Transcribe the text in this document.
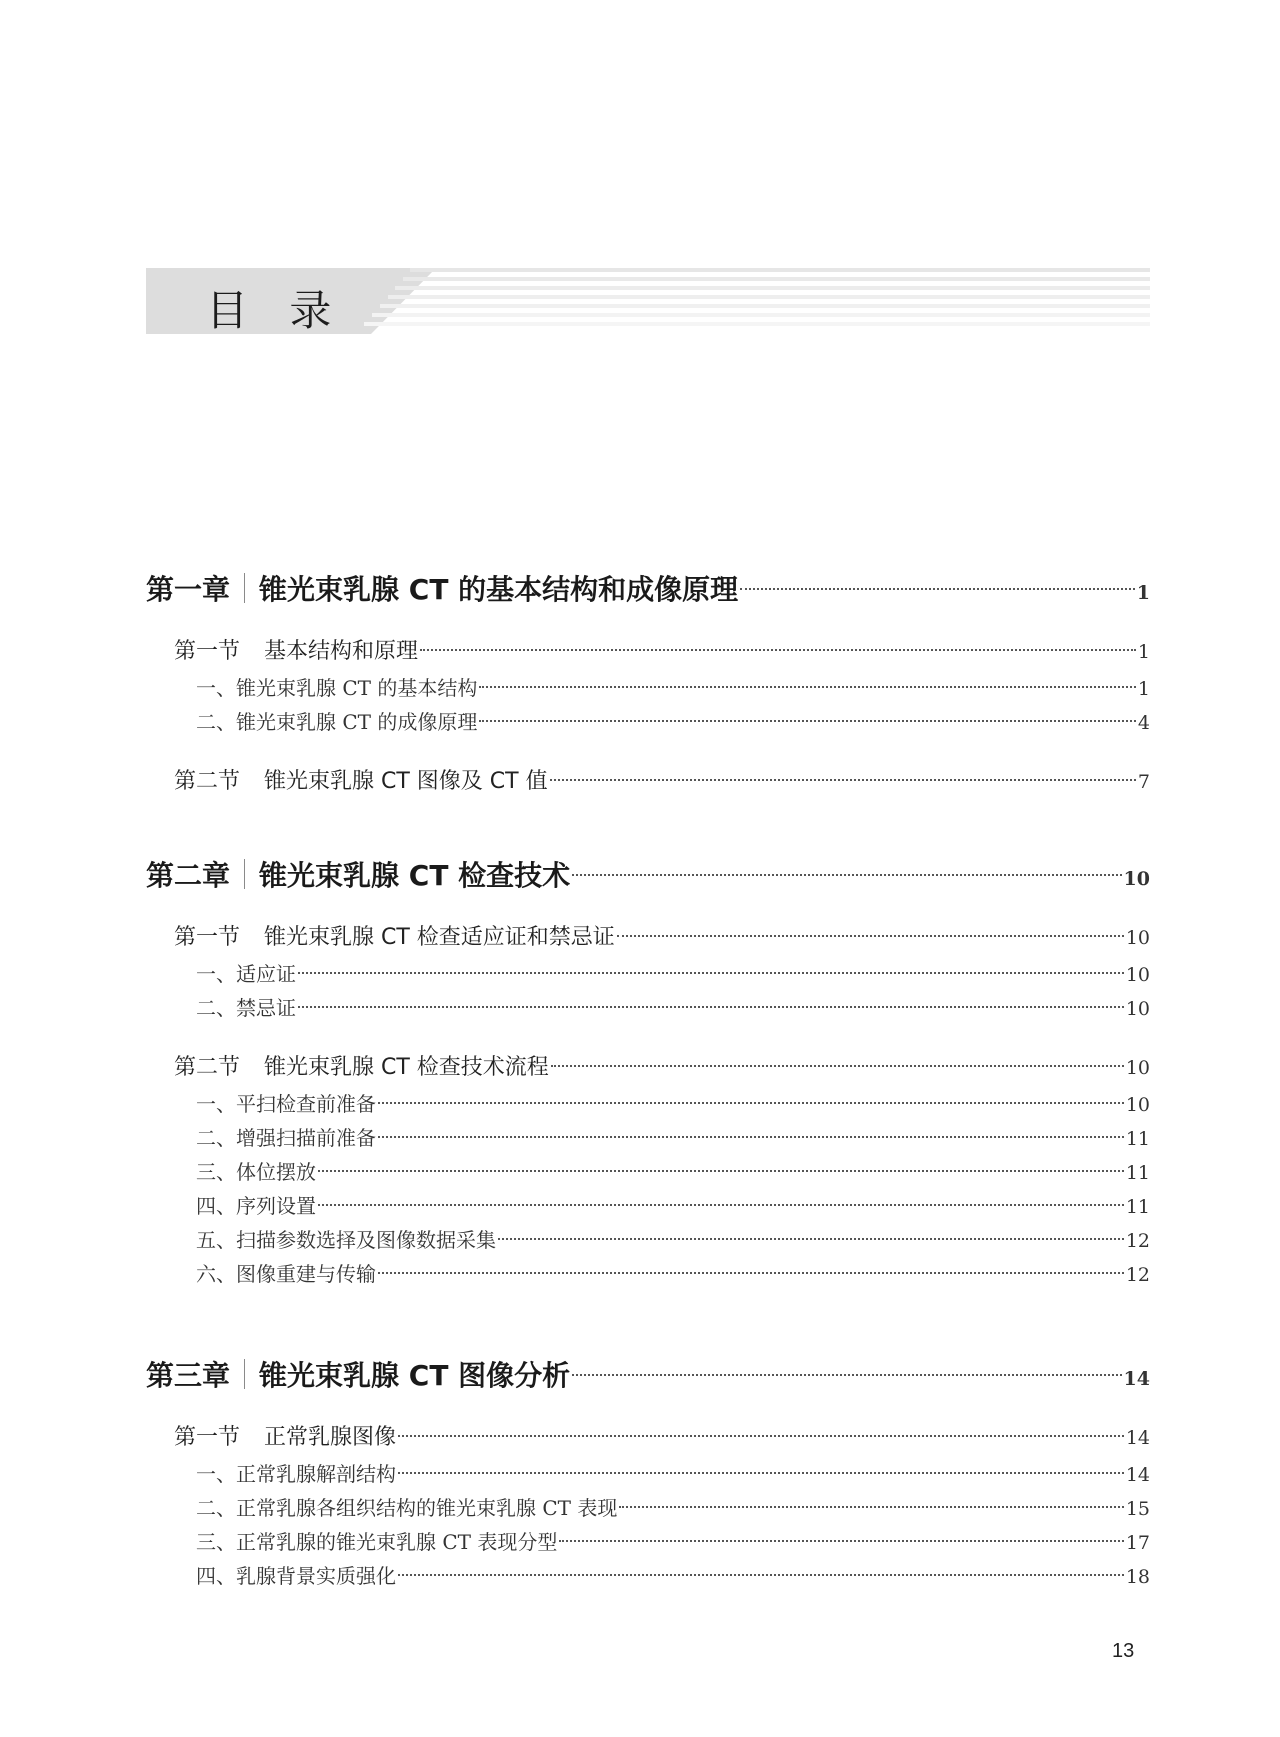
目 录
第一章 锥光束乳腺 CT 的基本结构和成像原理	1
第一节 基本结构和原理	1
一、锥光束乳腺 CT 的基本结构	1
二、锥光束乳腺 CT 的成像原理	4
第二节 锥光束乳腺 CT 图像及 CT 值	7
第二章 锥光束乳腺 CT 检查技术	10
第一节 锥光束乳腺 CT 检查适应证和禁忌证	10
一、适应证	10
二、禁忌证	10
第二节 锥光束乳腺 CT 检查技术流程	10
一、平扫检查前准备	10
二、增强扫描前准备	11
三、体位摆放	11
四、序列设置	11
五、扫描参数选择及图像数据采集	12
六、图像重建与传输	12
第三章 锥光束乳腺 CT 图像分析	14
第一节 正常乳腺图像	14
一、正常乳腺解剖结构	14
二、正常乳腺各组织结构的锥光束乳腺 CT 表现	15
三、正常乳腺的锥光束乳腺 CT 表现分型	17
四、乳腺背景实质强化	18
13
